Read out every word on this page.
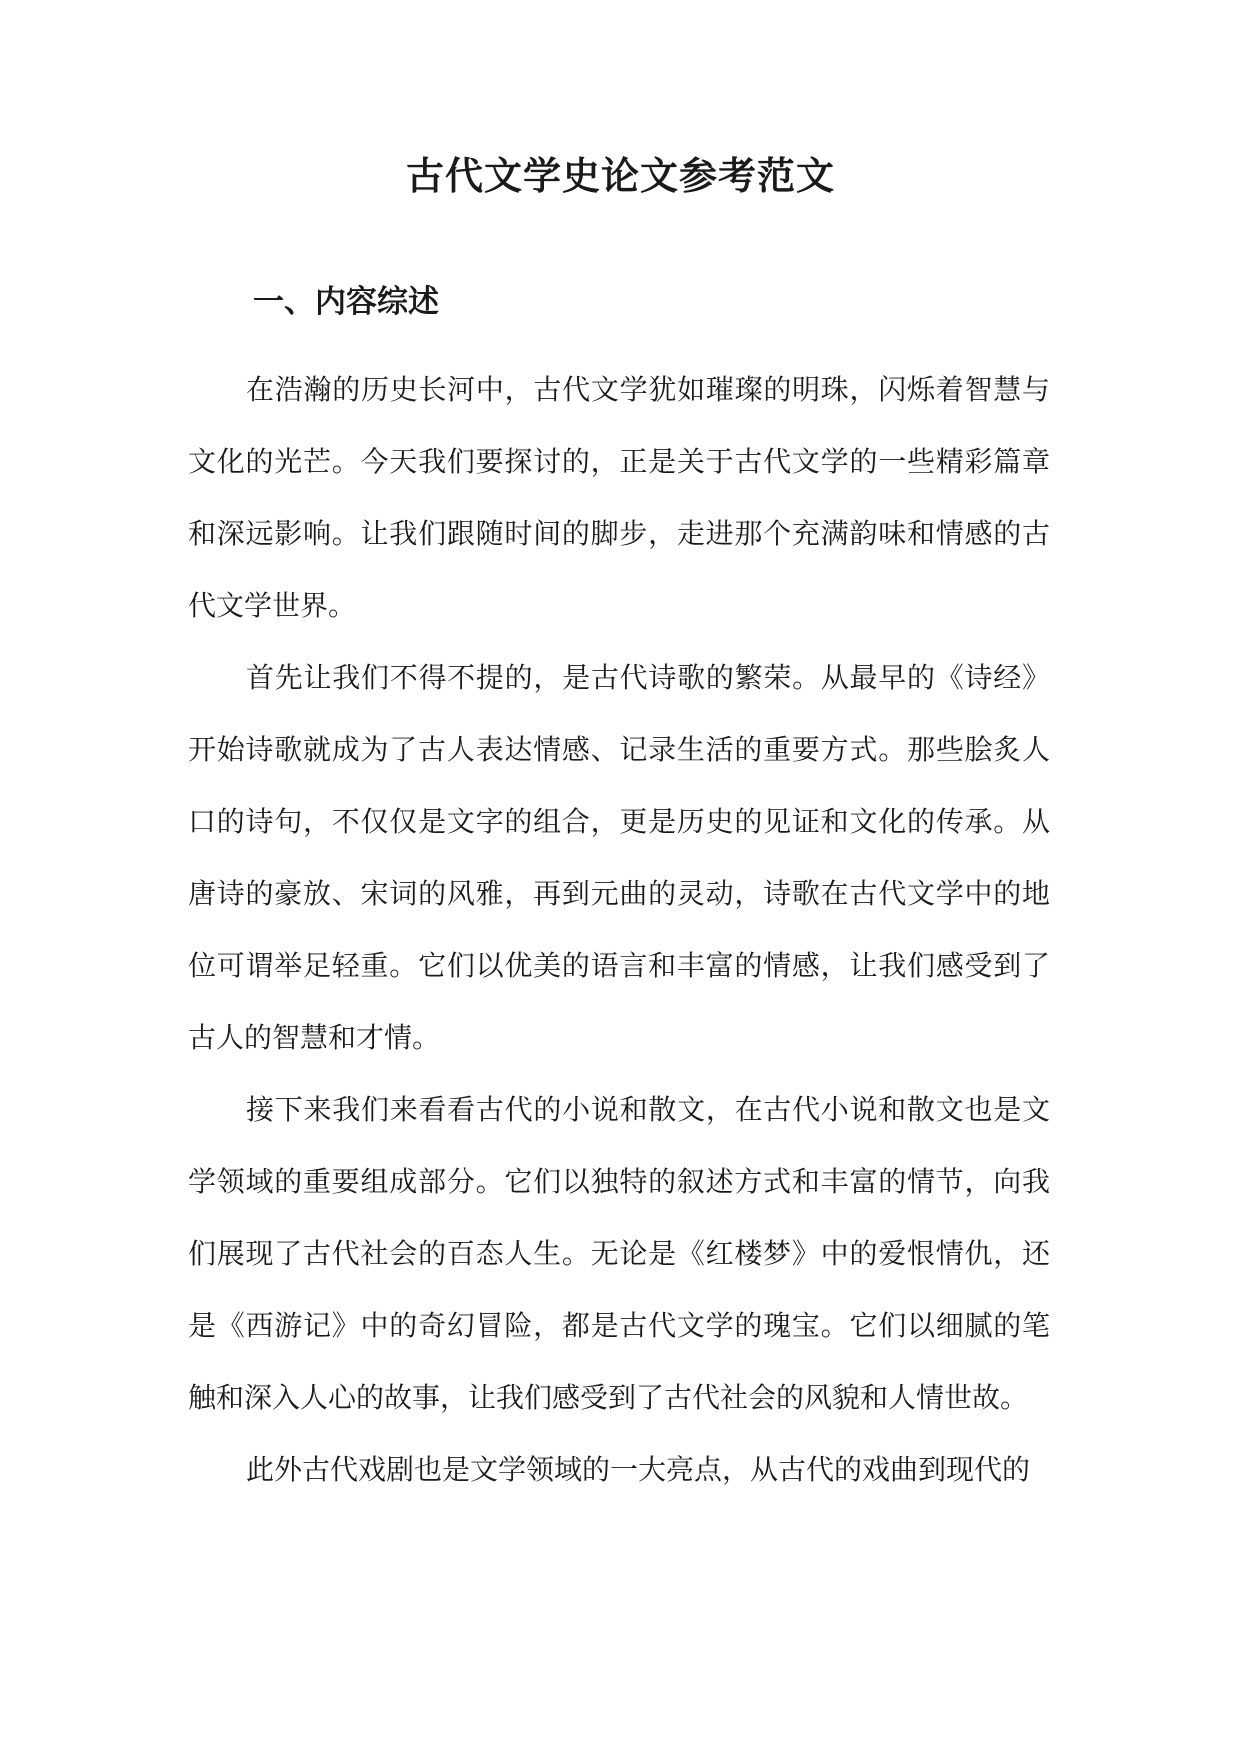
古代文学史论文参考范文
一、内容综述

在浩瀚的历史长河中，古代文学犹如璀璨的明珠，闪烁着智慧与文化的光芒。今天我们要探讨的，正是关于古代文学的一些精彩篇章和深远影响。让我们跟随时间的脚步，走进那个充满韵味和情感的古代文学世界。

首先让我们不得不提的，是古代诗歌的繁荣。从最早的《诗经》开始诗歌就成为了古人表达情感、记录生活的重要方式。那些脍炙人口的诗句，不仅仅是文字的组合，更是历史的见证和文化的传承。从唐诗的豪放、宋词的风雅，再到元曲的灵动，诗歌在古代文学中的地位可谓举足轻重。它们以优美的语言和丰富的情感，让我们感受到了古人的智慧和才情。

接下来我们来看看古代的小说和散文，在古代小说和散文也是文学领域的重要组成部分。它们以独特的叙述方式和丰富的情节，向我们展现了古代社会的百态人生。无论是《红楼梦》中的爱恨情仇，还是《西游记》中的奇幻冒险，都是古代文学的瑰宝。它们以细腻的笔触和深入人心的故事，让我们感受到了古代社会的风貌和人情世故。

此外古代戏剧也是文学领域的一大亮点，从古代的戏曲到现代的
